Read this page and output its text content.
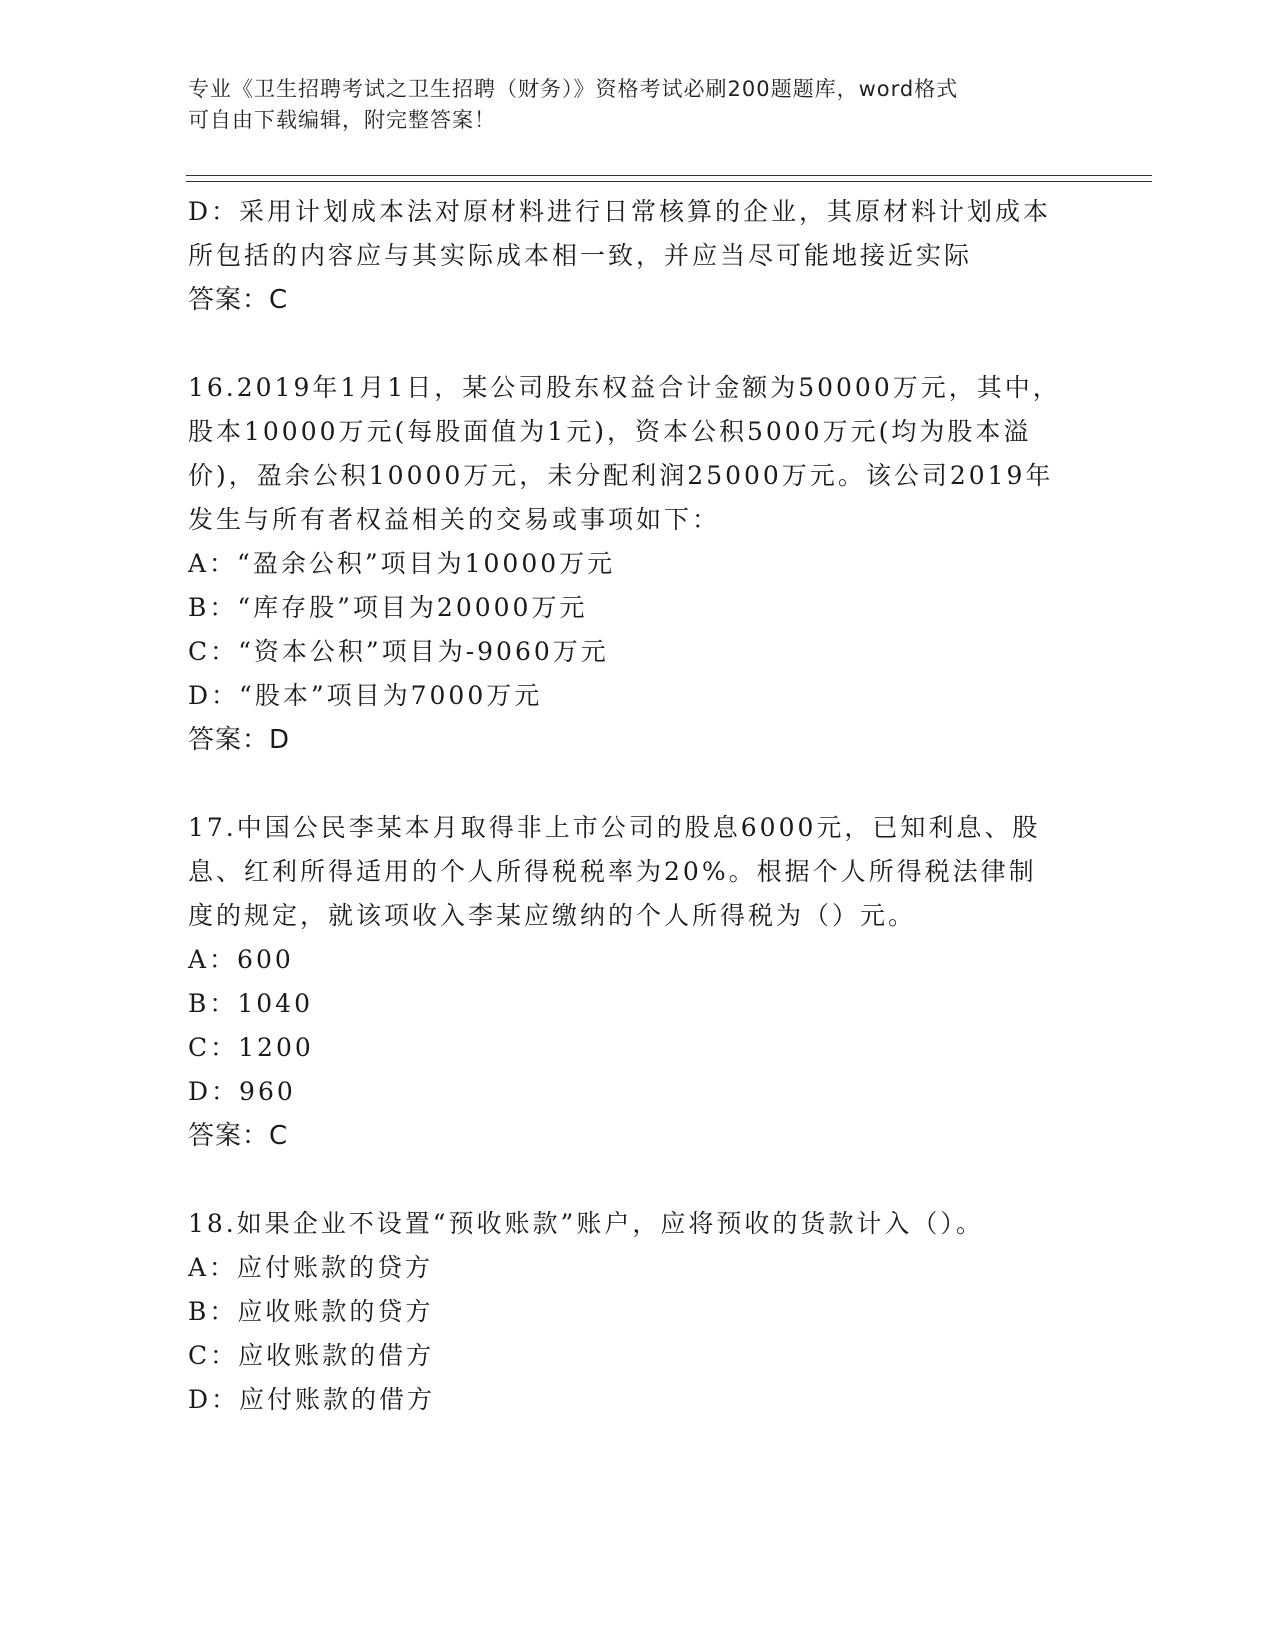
专业《卫生招聘考试之卫生招聘（财务）》资格考试必刷200题题库，word格式
可自由下载编辑，附完整答案！
D：采用计划成本法对原材料进行日常核算的企业，其原材料计划成本
所包括的内容应与其实际成本相一致，并应当尽可能地接近实际
答案：C
16.2019年1月1日，某公司股东权益合计金额为50000万元，其中，
股本10000万元(每股面值为1元)，资本公积5000万元(均为股本溢
价)，盈余公积10000万元，未分配利润25000万元。该公司2019年
发生与所有者权益相关的交易或事项如下：
A：“盈余公积”项目为10000万元
B：“库存股”项目为20000万元
C：“资本公积”项目为-9060万元
D：“股本”项目为7000万元
答案：D
17.中国公民李某本月取得非上市公司的股息6000元，已知利息、股
息、红利所得适用的个人所得税税率为20%。根据个人所得税法律制
度的规定，就该项收入李某应缴纳的个人所得税为（）元。
A：600
B：1040
C：1200
D：960
答案：C
18.如果企业不设置“预收账款”账户，应将预收的货款计入（）。
A：应付账款的贷方
B：应收账款的贷方
C：应收账款的借方
D：应付账款的借方
